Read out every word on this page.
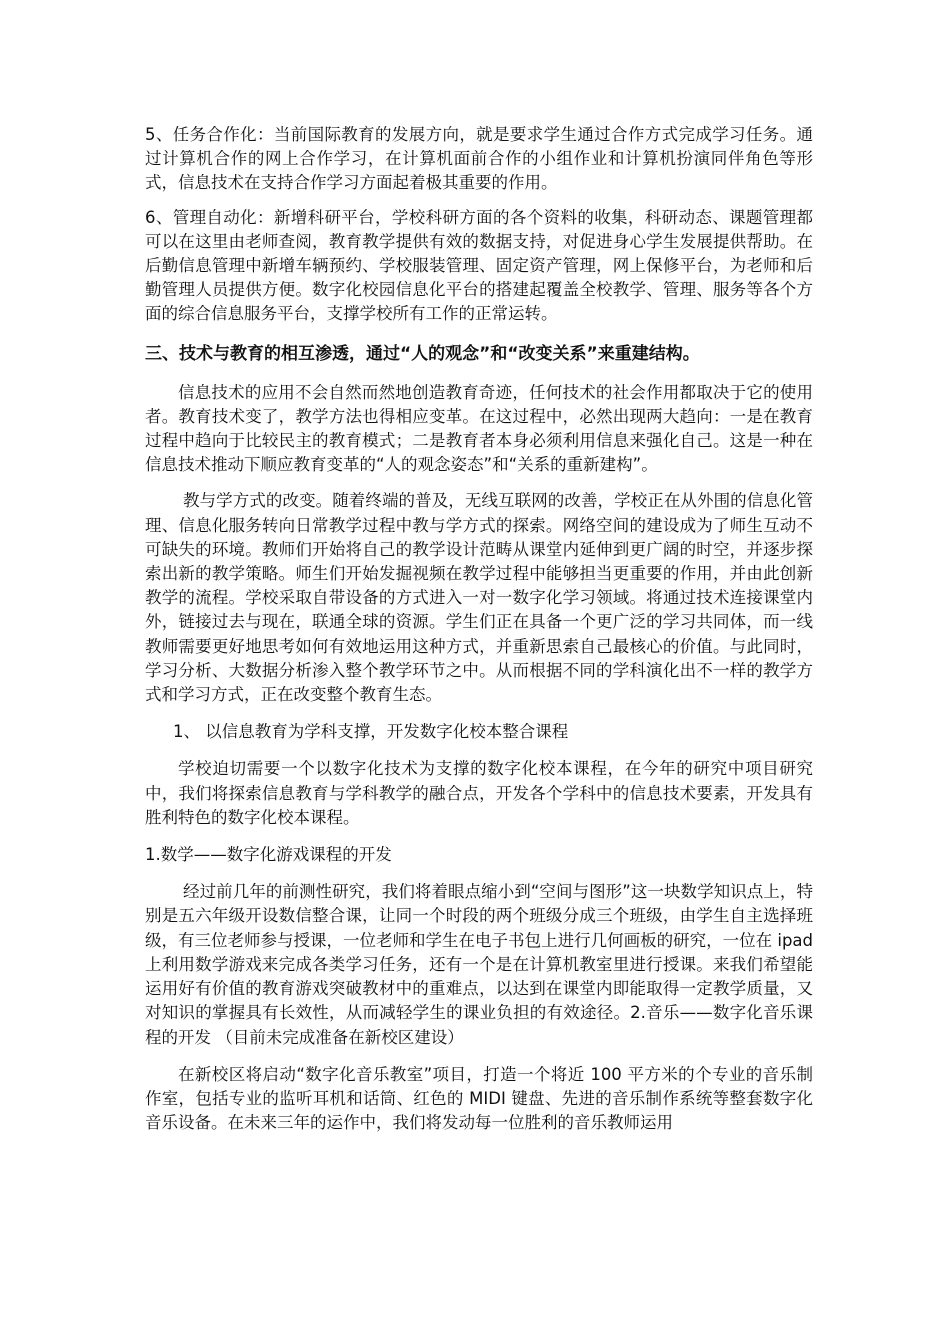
5、任务合作化：当前国际教育的发展方向，就是要求学生通过合作方式完成学习任务。通过计算机合作的网上合作学习，在计算机面前合作的小组作业和计算机扮演同伴角色等形式，信息技术在支持合作学习方面起着极其重要的作用。

6、管理自动化：新增科研平台，学校科研方面的各个资料的收集，科研动态、课题管理都可以在这里由老师查阅，教育教学提供有效的数据支持，对促进身心学生发展提供帮助。在后勤信息管理中新增车辆预约、学校服装管理、固定资产管理，网上保修平台，为老师和后勤管理人员提供方便。数字化校园信息化平台的搭建起覆盖全校教学、管理、服务等各个方面的综合信息服务平台，支撑学校所有工作的正常运转。

三、技术与教育的相互渗透，通过“人的观念”和“改变关系”来重建结构。

信息技术的应用不会自然而然地创造教育奇迹，任何技术的社会作用都取决于它的使用者。教育技术变了，教学方法也得相应变革。在这过程中，必然出现两大趋向：一是在教育过程中趋向于比较民主的教育模式；二是教育者本身必须利用信息来强化自己。这是一种在信息技术推动下顺应教育变革的“人的观念姿态”和“关系的重新建构”。

教与学方式的改变。随着终端的普及，无线互联网的改善，学校正在从外围的信息化管理、信息化服务转向日常教学过程中教与学方式的探索。网络空间的建设成为了师生互动不可缺失的环境。教师们开始将自己的教学设计范畴从课堂内延伸到更广阔的时空，并逐步探索出新的教学策略。师生们开始发掘视频在教学过程中能够担当更重要的作用，并由此创新教学的流程。学校采取自带设备的方式进入一对一数字化学习领域。将通过技术连接课堂内外，链接过去与现在，联通全球的资源。学生们正在具备一个更广泛的学习共同体，而一线教师需要更好地思考如何有效地运用这种方式，并重新思索自己最核心的价值。与此同时，学习分析、大数据分析渗入整个教学环节之中。从而根据不同的学科演化出不一样的教学方式和学习方式，正在改变整个教育生态。

1、 以信息教育为学科支撑，开发数字化校本整合课程

学校迫切需要一个以数字化技术为支撑的数字化校本课程，在今年的研究中项目研究中，我们将探索信息教育与学科教学的融合点，开发各个学科中的信息技术要素，开发具有胜利特色的数字化校本课程。

1.数学——数字化游戏课程的开发

经过前几年的前测性研究，我们将着眼点缩小到“空间与图形”这一块数学知识点上，特别是五六年级开设数信整合课，让同一个时段的两个班级分成三个班级，由学生自主选择班级，有三位老师参与授课，一位老师和学生在电子书包上进行几何画板的研究，一位在 ipad 上利用数学游戏来完成各类学习任务，还有一个是在计算机教室里进行授课。来我们希望能运用好有价值的教育游戏突破教材中的重难点，以达到在课堂内即能取得一定教学质量，又对知识的掌握具有长效性，从而减轻学生的课业负担的有效途径。2.音乐——数字化音乐课程的开发 （目前未完成准备在新校区建设）

在新校区将启动“数字化音乐教室”项目，打造一个将近 100 平方米的个专业的音乐制作室，包括专业的监听耳机和话筒、红色的 MIDI 键盘、先进的音乐制作系统等整套数字化音乐设备。在未来三年的运作中，我们将发动每一位胜利的音乐教师运用
